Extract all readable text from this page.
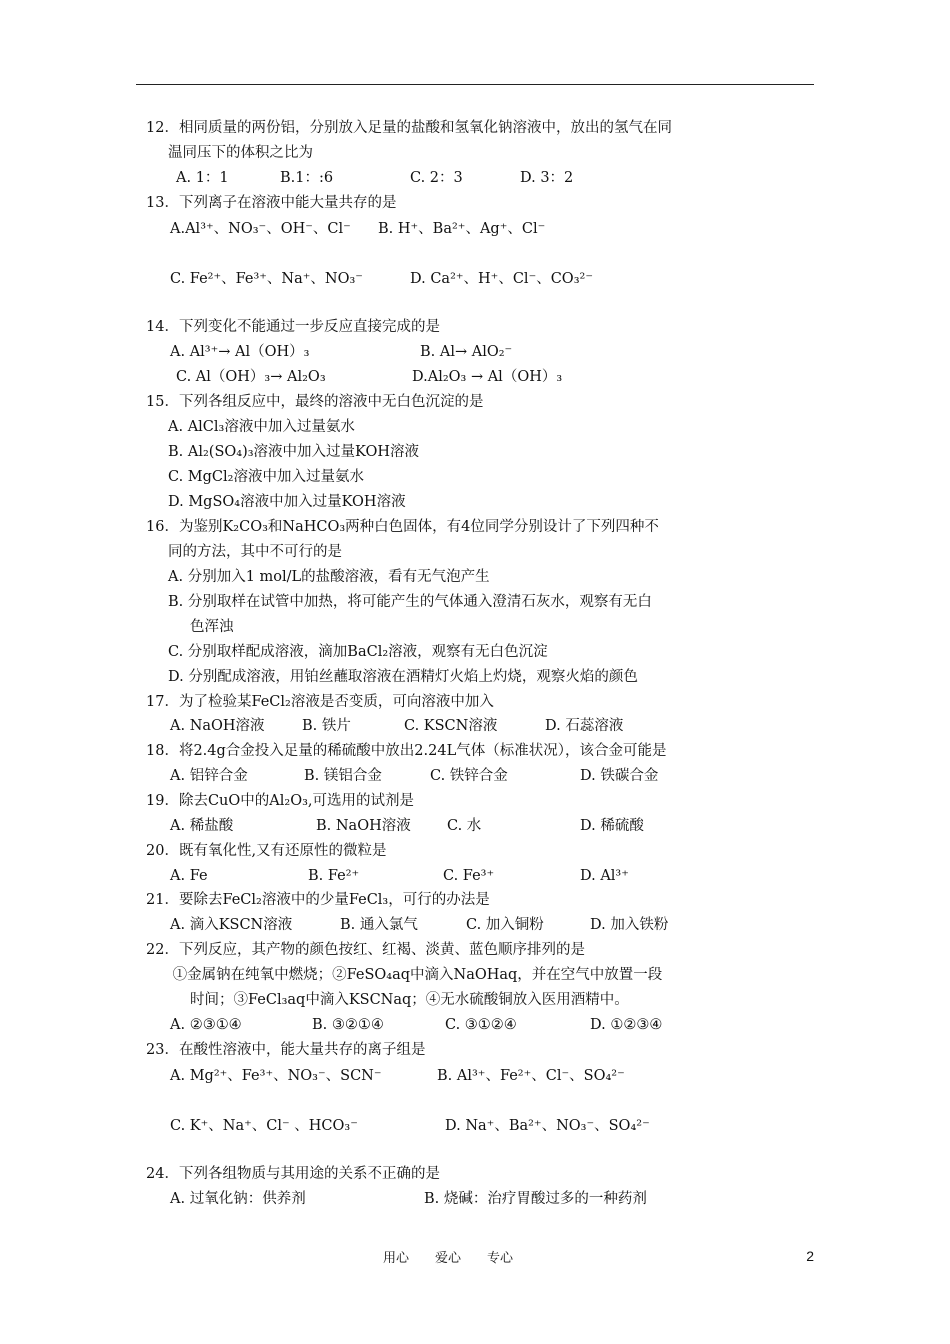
12．相同质量的两份铝，分别放入足量的盐酸和氢氧化钠溶液中，放出的氢气在同
温同压下的体积之比为
13．下列离子在溶液中能大量共存的是
14．下列变化不能通过一步反应直接完成的是
15．下列各组反应中，最终的溶液中无白色沉淀的是
A. AlCl₃溶液中加入过量氨水
B. Al₂(SO₄)₃溶液中加入过量KOH溶液
C. MgCl₂溶液中加入过量氨水
D. MgSO₄溶液中加入过量KOH溶液
16．为鉴别K₂CO₃和NaHCO₃两种白色固体，有4位同学分别设计了下列四种不
同的方法，其中不可行的是
A. 分别加入1 mol/L的盐酸溶液，看有无气泡产生
B. 分别取样在试管中加热，将可能产生的气体通入澄清石灰水，观察有无白
色浑浊
C. 分别取样配成溶液，滴加BaCl₂溶液，观察有无白色沉淀
D. 分别配成溶液，用铂丝蘸取溶液在酒精灯火焰上灼烧，观察火焰的颜色
17．为了检验某FeCl₂溶液是否变质，可向溶液中加入
18．将2.4g合金投入足量的稀硫酸中放出2.24L气体（标准状况），该合金可能是
19．除去CuO中的Al₂O₃,可选用的试剂是
20．既有氧化性,又有还原性的微粒是
21．要除去FeCl₂溶液中的少量FeCl₃，可行的办法是
22．下列反应，其产物的颜色按红、红褐、淡黄、蓝色顺序排列的是
①金属钠在纯氧中燃烧；②FeSO₄aq中滴入NaOHaq，并在空气中放置一段
时间；③FeCl₃aq中滴入KSCNaq；④无水硫酸铜放入医用酒精中。
23．在酸性溶液中，能大量共存的离子组是
24．下列各组物质与其用途的关系不正确的是
A. 1：1	B.1：:6	C. 2：3	D. 3：2
A.Al³⁺、NO₃⁻、OH⁻、Cl⁻ B. H⁺、Ba²⁺、Ag⁺、Cl⁻
C. Fe²⁺、Fe³⁺、Na⁺、NO₃⁻	D. Ca²⁺、H⁺、Cl⁻、CO₃²⁻
A. Al³⁺→ Al（OH）₃	B. Al→ AlO₂⁻
C. Al（OH）₃→ Al₂O₃	D.Al₂O₃ → Al（OH）₃
A. NaOH溶液	B. 铁片	C. KSCN溶液	D. 石蕊溶液
A. 铝锌合金	B. 镁铝合金	C. 铁锌合金	D. 铁碳合金
A. 稀盐酸	B. NaOH溶液	C. 水	D. 稀硫酸
A. Fe	B. Fe²⁺	C. Fe³⁺	D. Al³⁺
A. 滴入KSCN溶液	B. 通入氯气	C. 加入铜粉	D. 加入铁粉
A. ②③①④	B. ③②①④	C. ③①②④	D. ①②③④
A. Mg²⁺、Fe³⁺、NO₃⁻、SCN⁻	B. Al³⁺、Fe²⁺、Cl⁻、SO₄²⁻
C. K⁺、Na⁺、Cl⁻ 、HCO₃⁻	D. Na⁺、Ba²⁺、NO₃⁻、SO₄²⁻
A. 过氧化钠：供养剂	B. 烧碱：治疗胃酸过多的一种药剂
用心　　爱心　　专心	2
